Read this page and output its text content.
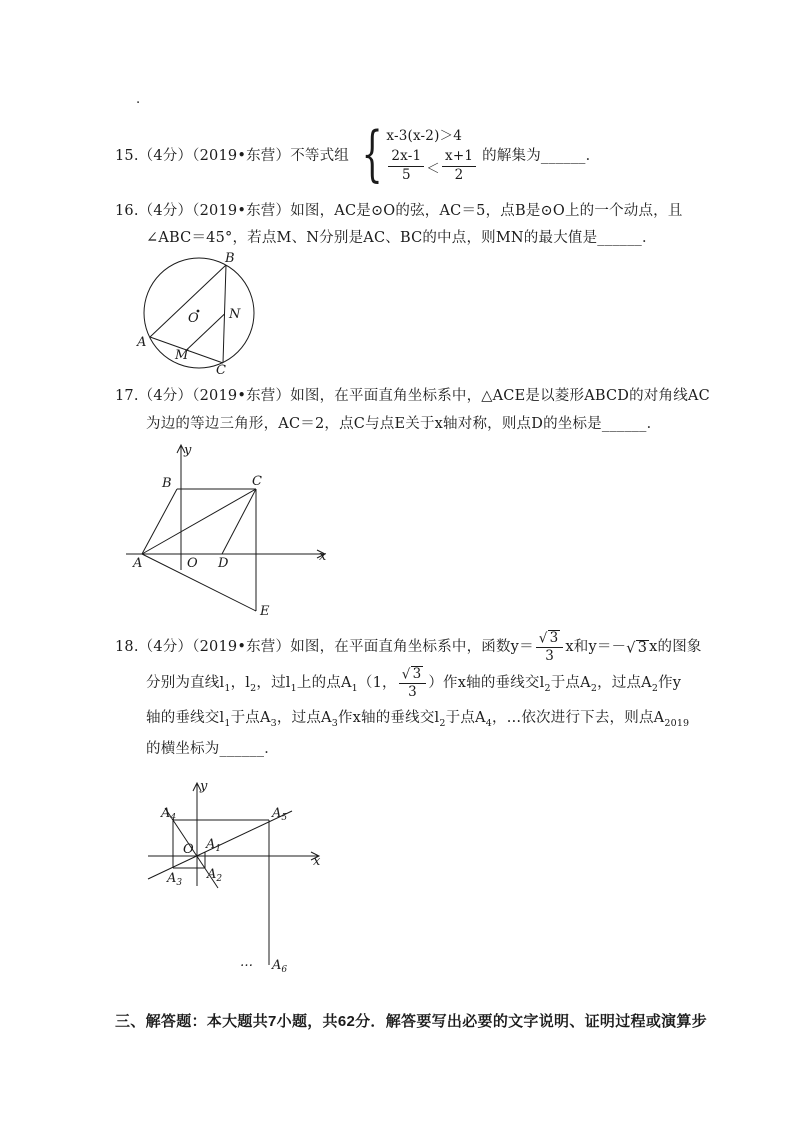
.
15.（4分）（2019•东营）不等式组 { x-3(x-2)＞4
$\frac{2x-1}{5} < \frac{x+1}{2}$ 的解集为______．
16.（4分）（2019•东营）如图，AC是⊙O的弦，AC＝5，点B是⊙O上的一个动点，且
∠ABC＝45°，若点M、N分别是AC、BC的中点，则MN的最大值是______．
B
A
C
M
N
O
17.（4分）（2019•东营）如图，在平面直角坐标系中，△ACE是以菱形ABCD的对角线AC
为边的等边三角形，AC＝2，点C与点E关于x轴对称，则点D的坐标是______．
y
x
B	C
A	O D
E
18.（4分）（2019•东营）如图，在平面直角坐标系中，函数$y= \frac{√ 3}{3}$ x和y＝－ √ 3 x的图象
分别为直线$l_1$，$l_2$，过$l_1$上的点$A_1(1$， $\frac{√ 3}{3}$ ）作x轴的垂线交$l_2$于点$A_2$，过点$A_2$作y
轴的垂线交$l_1$于点$A_3$，过点$A_3$作x轴的垂线交$l_2$于点$A_4$，…依次进行下去，则点$A_{2019}$
的横坐标为______．
y
x
O $A_1$
$A_2$
$A_3$
$A_4$	$A_5$
$A_6$
…
三、解答题：本大题共7小题，共62分．解答要写出必要的文字说明、证明过程或演算步
